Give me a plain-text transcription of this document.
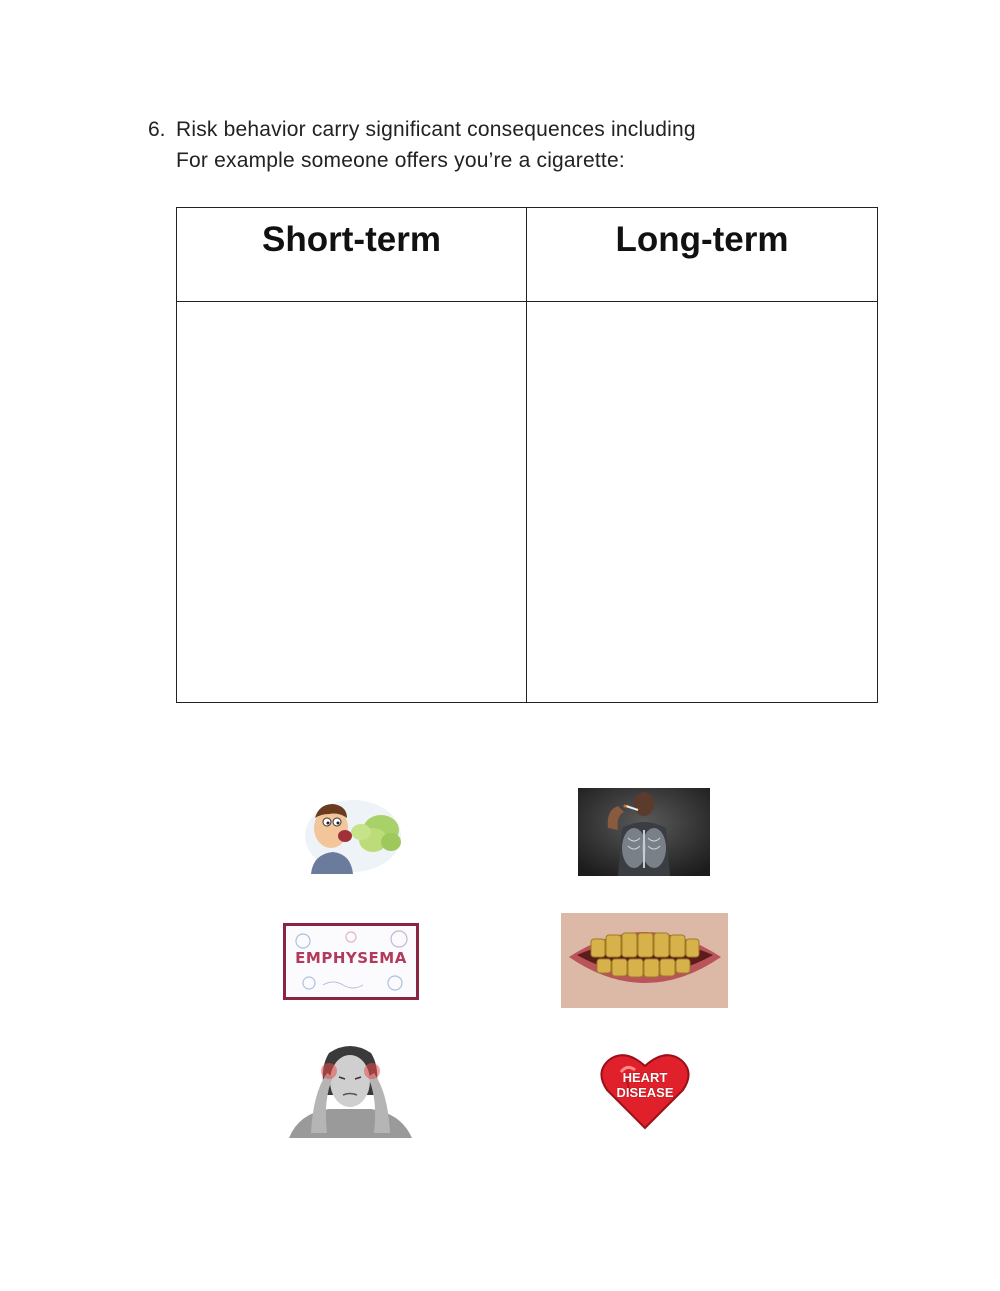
6. Risk behavior carry significant consequences including
For example someone offers you’re a cigarette:
Short-term	Long-term
EMPHYSEMA
HEART
DISEASE
